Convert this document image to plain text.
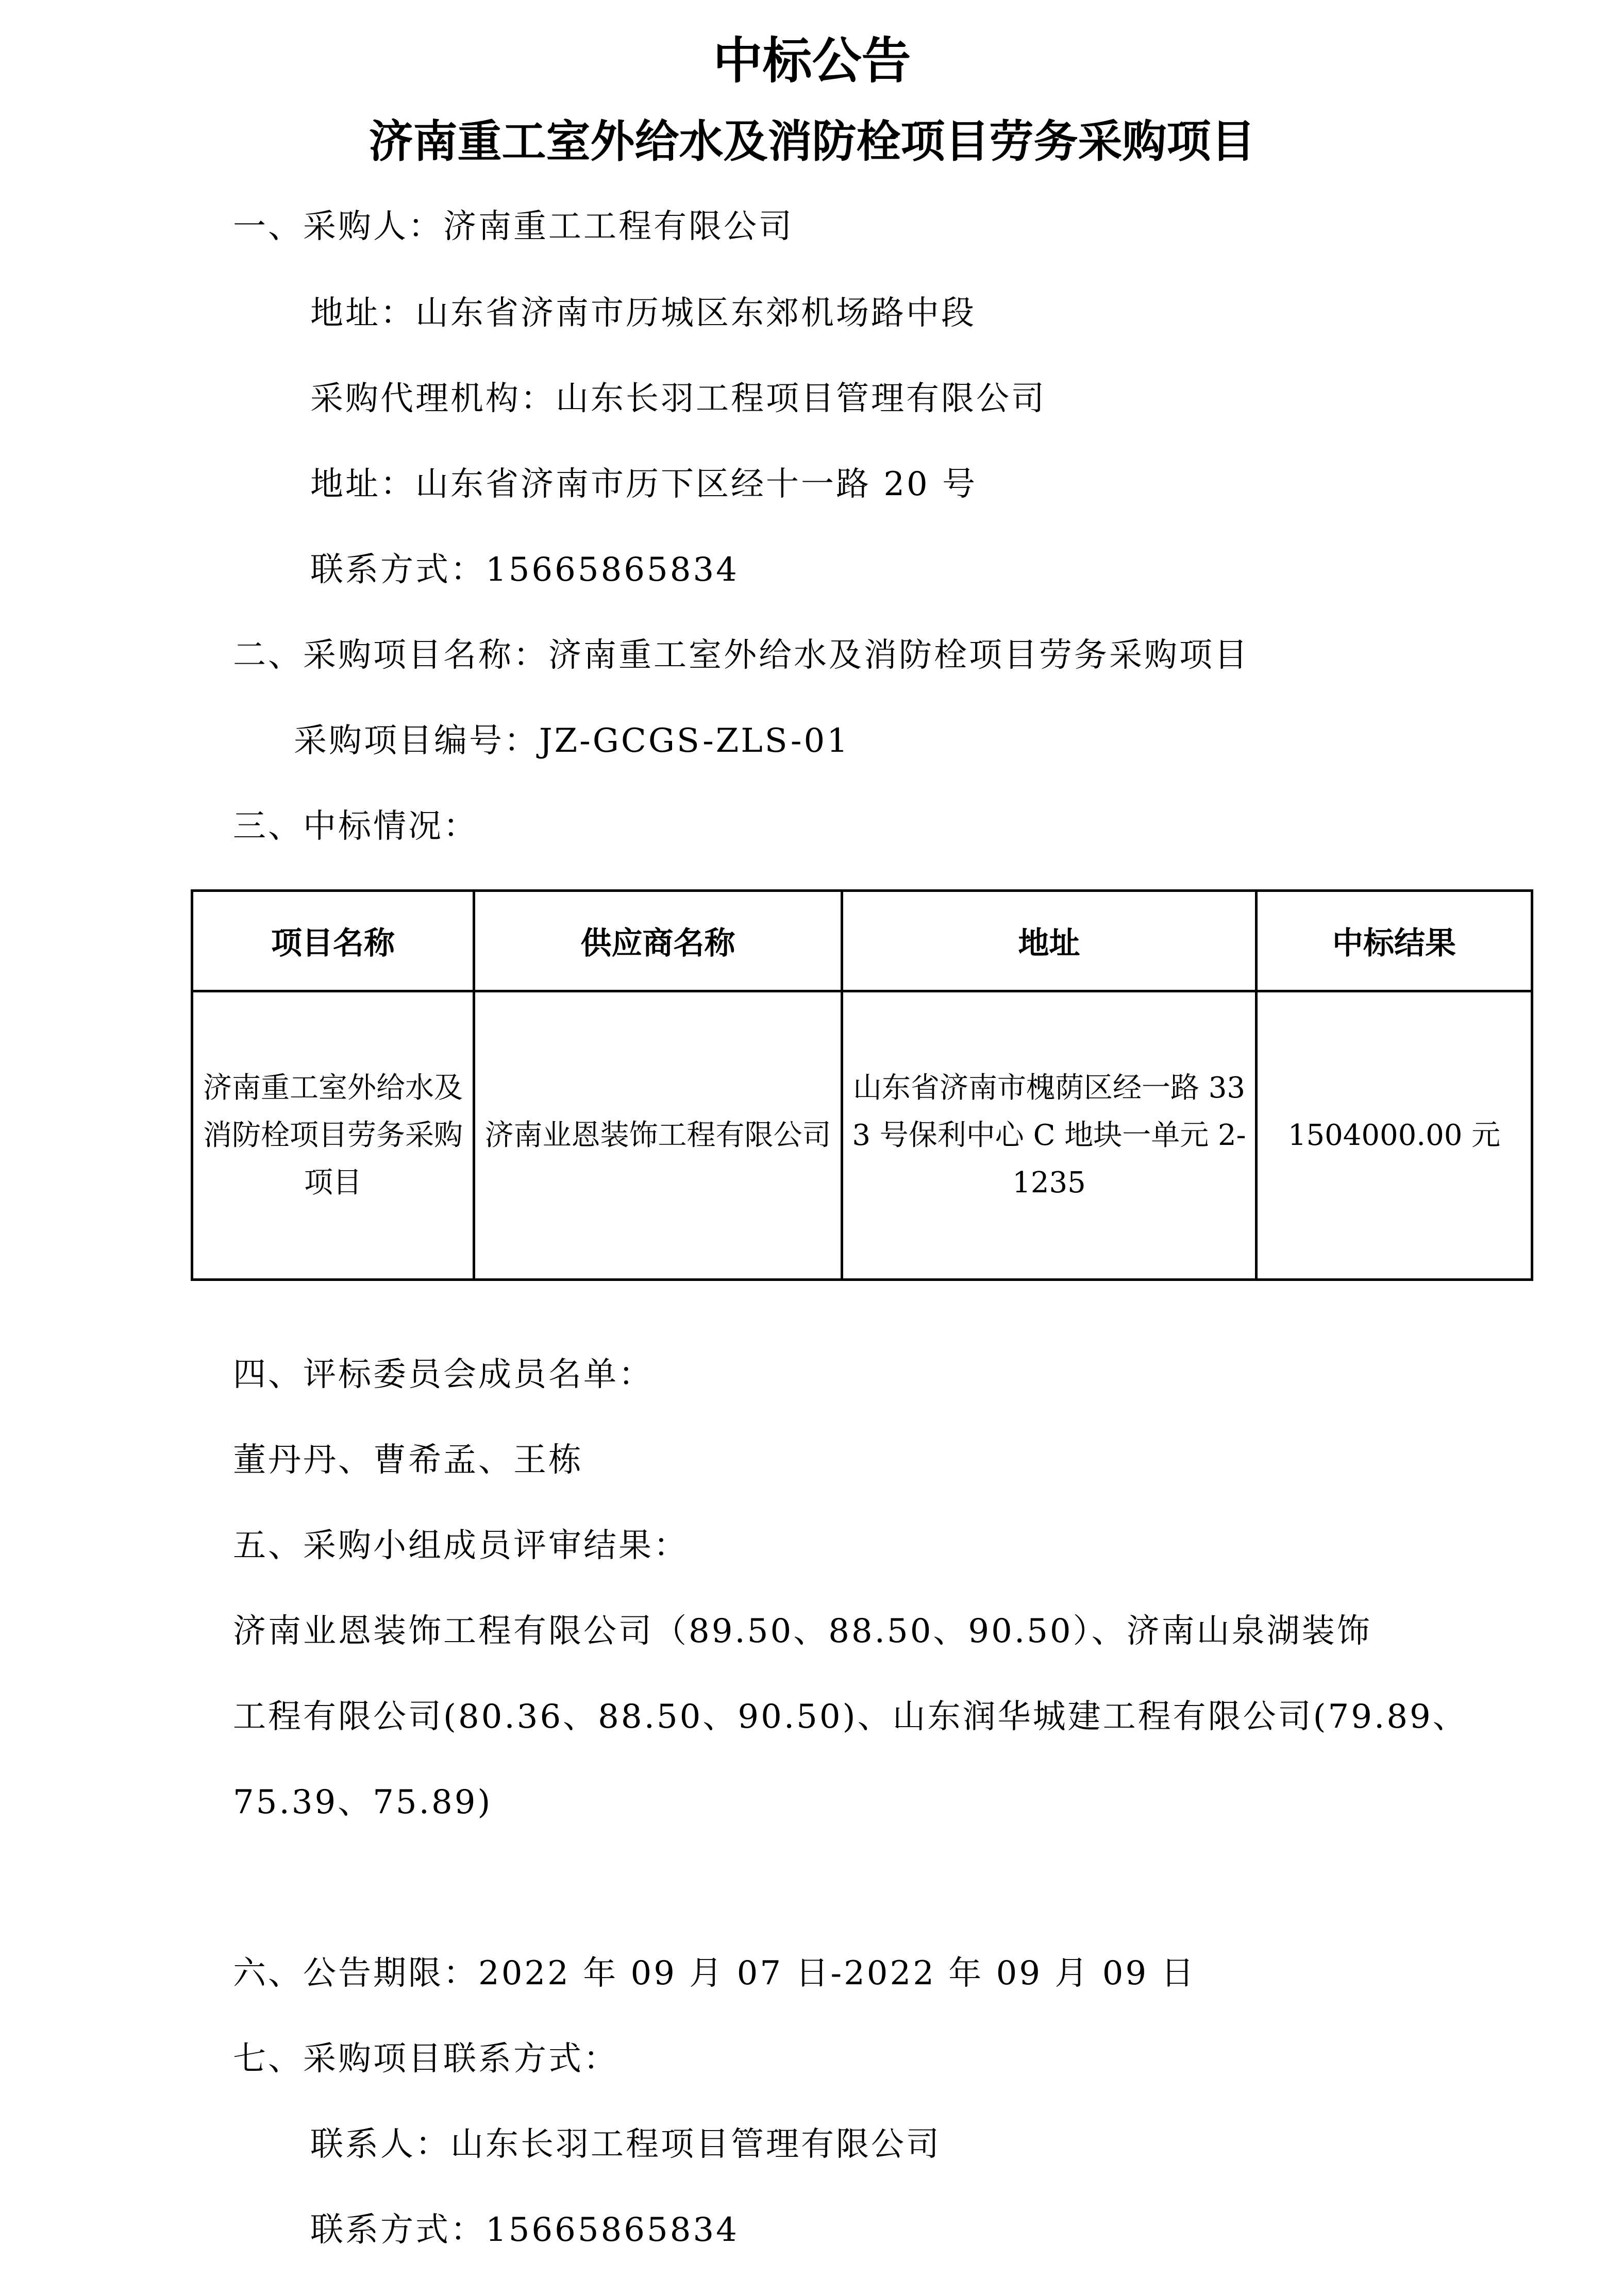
中标公告
济南重工室外给水及消防栓项目劳务采购项目
一、采购人：济南重工工程有限公司
地址：山东省济南市历城区东郊机场路中段
采购代理机构：山东长羽工程项目管理有限公司
地址：山东省济南市历下区经十一路 20 号
联系方式：15665865834
二、采购项目名称：济南重工室外给水及消防栓项目劳务采购项目
采购项目编号：JZ-GCGS-ZLS-01
三、中标情况：
项目名称	供应商名称	地址	中标结果
济南重工室外给水及消防栓项目劳务采购项目	济南业恩装饰工程有限公司	山东省济南市槐荫区经一路 333 号保利中心 C 地块一单元 2-1235	1504000.00 元
四、评标委员会成员名单：
董丹丹、曹希孟、王栋
五、采购小组成员评审结果：
济南业恩装饰工程有限公司（89.50、88.50、90.50）、济南山泉湖装饰
工程有限公司(80.36、88.50、90.50)、山东润华城建工程有限公司(79.89、
75.39、75.89)
六、公告期限：2022 年 09 月 07 日-2022 年 09 月 09 日
七、采购项目联系方式：
联系人：山东长羽工程项目管理有限公司
联系方式：15665865834
